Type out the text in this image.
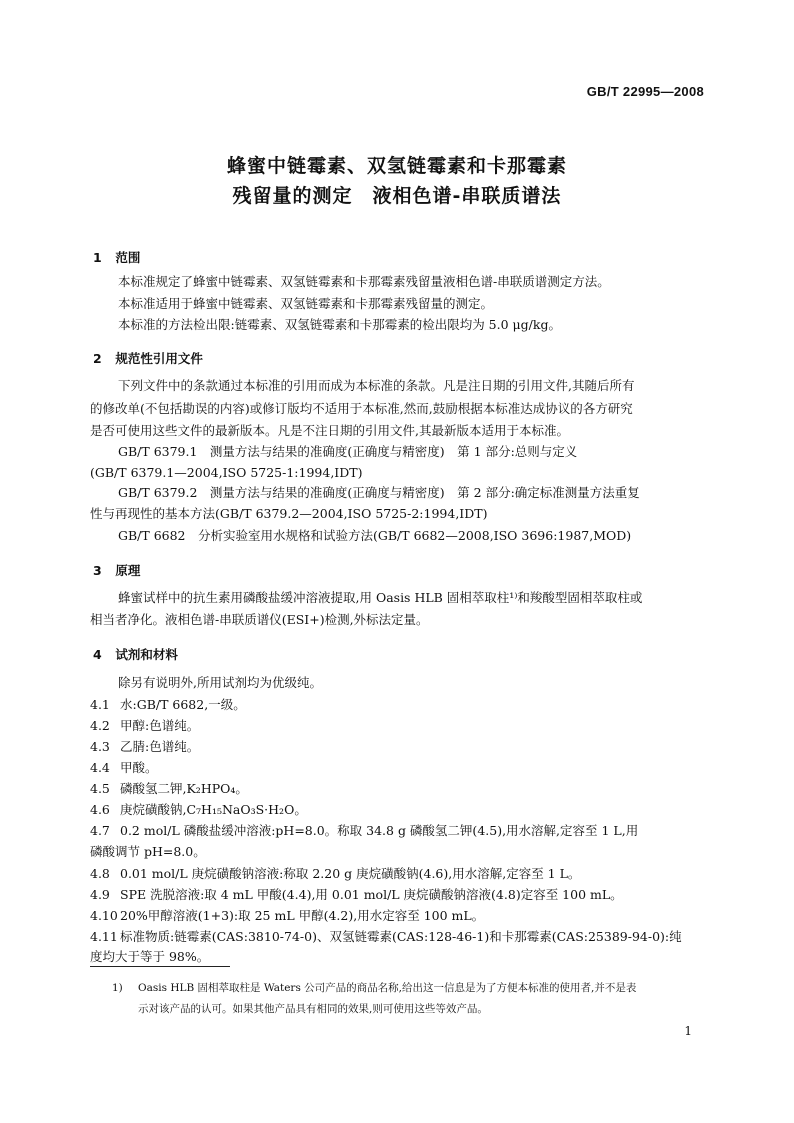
GB/T 22995—2008
蜂蜜中链霉素、双氢链霉素和卡那霉素
残留量的测定　液相色谱-串联质谱法
1 范围
本标准规定了蜂蜜中链霉素、双氢链霉素和卡那霉素残留量液相色谱-串联质谱测定方法。
本标准适用于蜂蜜中链霉素、双氢链霉素和卡那霉素残留量的测定。
本标准的方法检出限:链霉素、双氢链霉素和卡那霉素的检出限均为 5.0 μg/kg。
2 规范性引用文件
下列文件中的条款通过本标准的引用而成为本标准的条款。凡是注日期的引用文件,其随后所有
的修改单(不包括勘误的内容)或修订版均不适用于本标准,然而,鼓励根据本标准达成协议的各方研究
是否可使用这些文件的最新版本。凡是不注日期的引用文件,其最新版本适用于本标准。
GB/T 6379.1　测量方法与结果的准确度(正确度与精密度)　第 1 部分:总则与定义
(GB/T 6379.1—2004,ISO 5725-1:1994,IDT)
GB/T 6379.2　测量方法与结果的准确度(正确度与精密度)　第 2 部分:确定标准测量方法重复
性与再现性的基本方法(GB/T 6379.2—2004,ISO 5725-2:1994,IDT)
GB/T 6682　分析实验室用水规格和试验方法(GB/T 6682—2008,ISO 3696:1987,MOD)
3 原理
蜂蜜试样中的抗生素用磷酸盐缓冲溶液提取,用 Oasis HLB 固相萃取柱¹⁾和羧酸型固相萃取柱或
相当者净化。液相色谱-串联质谱仪(ESI+)检测,外标法定量。
4 试剂和材料
除另有说明外,所用试剂均为优级纯。
4.1 水:GB/T 6682,一级。
4.2 甲醇:色谱纯。
4.3 乙腈:色谱纯。
4.4 甲酸。
4.5 磷酸氢二钾,K₂HPO₄。
4.6 庚烷磺酸钠,C₇H₁₅NaO₃S·H₂O。
4.7 0.2 mol/L 磷酸盐缓冲溶液:pH=8.0。称取 34.8 g 磷酸氢二钾(4.5),用水溶解,定容至 1 L,用
磷酸调节 pH=8.0。
4.8 0.01 mol/L 庚烷磺酸钠溶液:称取 2.20 g 庚烷磺酸钠(4.6),用水溶解,定容至 1 L。
4.9 SPE 洗脱溶液:取 4 mL 甲酸(4.4),用 0.01 mol/L 庚烷磺酸钠溶液(4.8)定容至 100 mL。
4.10 20%甲醇溶液(1+3):取 25 mL 甲醇(4.2),用水定容至 100 mL。
4.11 标准物质:链霉素(CAS:3810-74-0)、双氢链霉素(CAS:128-46-1)和卡那霉素(CAS:25389-94-0):纯
度均大于等于 98%。
1) Oasis HLB 固相萃取柱是 Waters 公司产品的商品名称,给出这一信息是为了方便本标准的使用者,并不是表
示对该产品的认可。如果其他产品具有相同的效果,则可使用这些等效产品。
1
